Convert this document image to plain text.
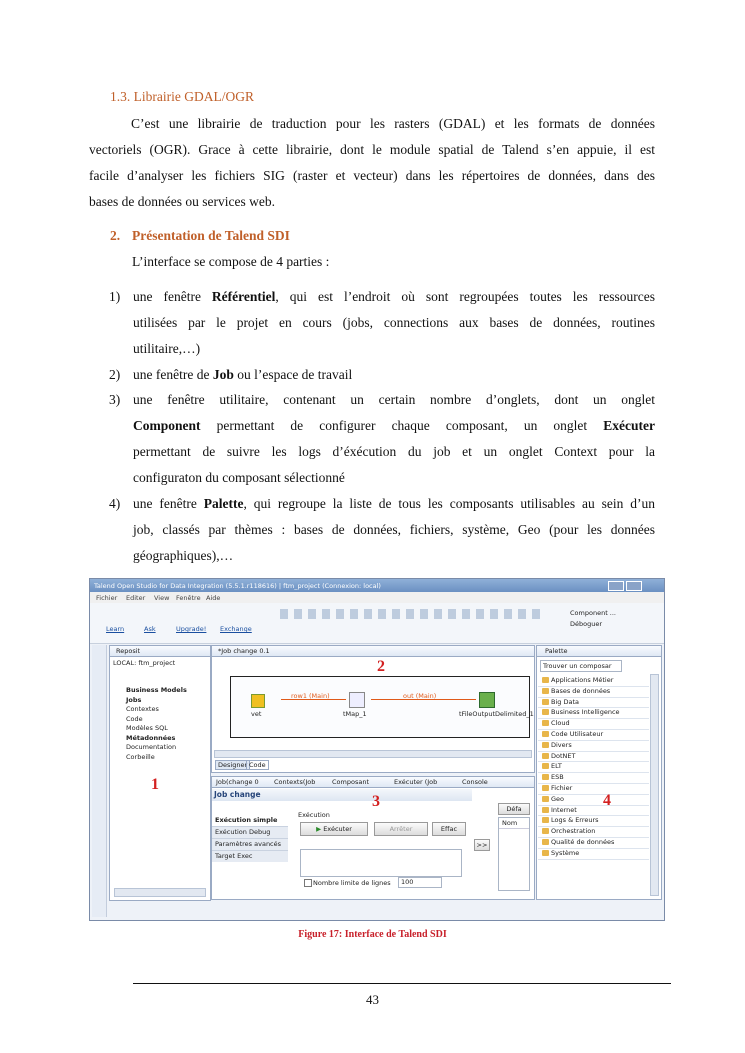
1.3. Librairie GDAL/OGR
C’est une librairie de traduction pour les rasters (GDAL) et les formats de données
vectoriels (OGR). Grace à cette librairie, dont le module spatial de Talend s’en appuie, il est
facile d’analyser les fichiers SIG (raster et vecteur) dans les répertoires de données, dans des
bases de données ou services web.
2. Présentation de Talend SDI
L’interface se compose de 4 parties :
1) une fenêtre Référentiel, qui est l’endroit où sont regroupées toutes les ressources
utilisées par le projet en cours (jobs, connections aux bases de données, routines
utilitaire,…)
2) une fenêtre de Job ou l’espace de travail
3) une fenêtre utilitaire, contenant un certain nombre d’onglets, dont un onglet
Component permettant de configurer chaque composant, un onglet Exécuter
permettant de suivre les logs d’éxécution du job et un onglet Context pour la
configuraton du composant sélectionné
4) une fenêtre Palette, qui regroupe la liste de tous les composants utilisables au sein d’un
job, classés par thèmes : bases de données, fichiers, système, Geo (pour les données
géographiques),…
Talend Open Studio for Data Integration (5.5.1.r118616) | ftm_project (Connexion: local)

Fichier Editer View Fenêtre Aide
Learn	Ask	Upgrade! Exchange
Component ...
Déboguer
Reposit
LOCAL: ftm_project
Business Models
Jobs
Contextes
Code
Modèles SQL
Métadonnées
Documentation
Corbeille
1
*Job change 0.1
2
vet
row1 (Main)
tMap_1
out (Main)
tFileOutputDelimited_1
Designer Code
Job(change 0 Contexts(Job	Composant	Exécuter (Job	Console
Job change	3
Exécution simple
Exécution Debug
Paramètres avancés
Target Exec
Exécution
▶ Exécuter	Arrêter	Effac
Nombre limite de lignes	100
>>
Défa
Nom
Palette
Trouver un composar
Applications Métier
Bases de données
Big Data
Business Intelligence
Cloud
Code Utilisateur
Divers
DotNET
ELT
ESB
Fichier
Geo
Internet
Logs & Erreurs
Orchestration
Qualité de données
Système
4
Figure 17: Interface de Talend SDI
43
